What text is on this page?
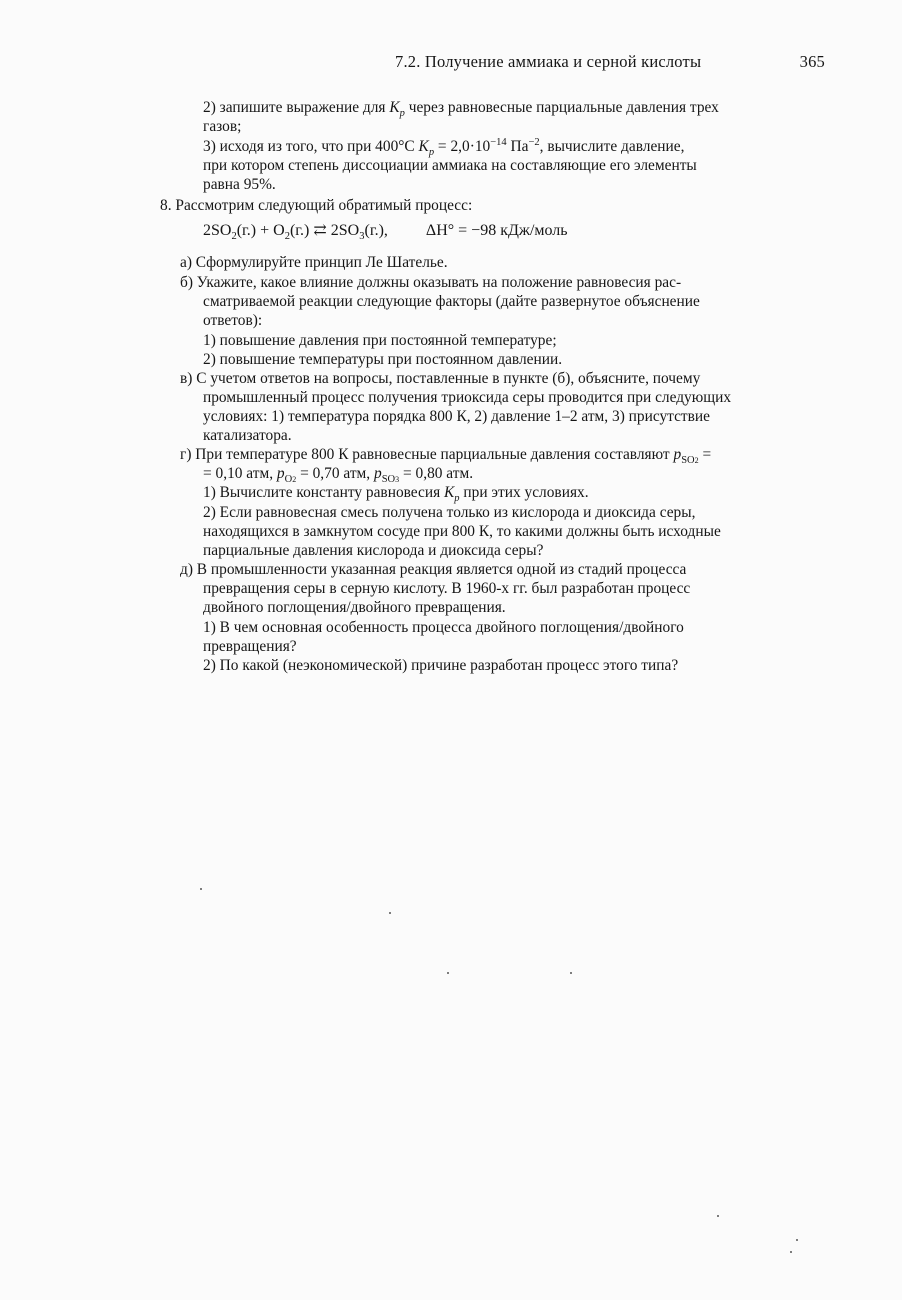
7.2. Получение аммиака и серной кислоты	365
2) запишите выражение для $K_p$ через равновесные парциальные давления трех
газов;
3) исходя из того, что при 400°C $K_p = 2,0\cdot 10^{-14}$ $Па^{-2}$, вычислите давление,
при котором степень диссоциации аммиака на составляющие его элементы
равна 95%.
8. Рассмотрим следующий обратимый процесс:
$2SO_2(г.) + O_2(г.)$ ⇄ $2SO_3(г.)$, ΔH° = −98 кДж/моль
а) Сформулируйте принцип Ле Шателье.
б) Укажите, какое влияние должны оказывать на положение равновесия рас-
сматриваемой реакции следующие факторы (дайте развернутое объяснение
ответов):
1) повышение давления при постоянной температуре;
2) повышение температуры при постоянном давлении.
в) С учетом ответов на вопросы, поставленные в пункте (б), объясните, почему
промышленный процесс получения триоксида серы проводится при следующих
условиях: 1) температура порядка 800 К, 2) давление 1–2 атм, 3) присутствие
катализатора.
г) При температуре 800 К равновесные парциальные давления составляют $p_{SO2}$ =
= 0,10 атм, $p_{O2} = 0,70$ атм, $p_{SO3} = 0,80$ атм.
1) Вычислите константу равновесия $K_p$ при этих условиях.
2) Если равновесная смесь получена только из кислорода и диоксида серы,
находящихся в замкнутом сосуде при 800 К, то какими должны быть исходные
парциальные давления кислорода и диоксида серы?
д) В промышленности указанная реакция является одной из стадий процесса
превращения серы в серную кислоту. В 1960-х гг. был разработан процесс
двойного поглощения/двойного превращения.
1) В чем основная особенность процесса двойного поглощения/двойного
превращения?
2) По какой (неэкономической) причине разработан процесс этого типа?
